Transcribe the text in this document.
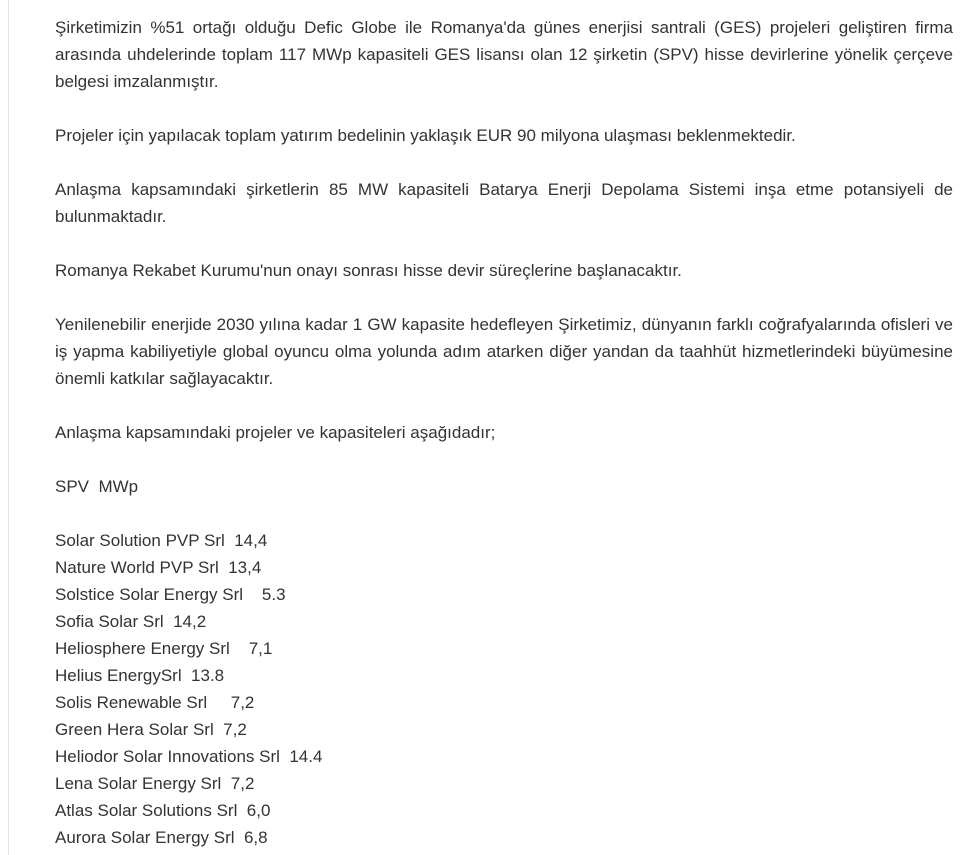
Şirketimizin %51 ortağı olduğu Defic Globe ile Romanya'da günes enerjisi santrali (GES) projeleri geliştiren firma arasında uhdelerinde toplam 117 MWp kapasiteli GES lisansı olan 12 şirketin (SPV) hisse devirlerine yönelik çerçeve belgesi imzalanmıştır.

Projeler için yapılacak toplam yatırım bedelinin yaklaşık EUR 90 milyona ulaşması beklenmektedir.

Anlaşma kapsamındaki şirketlerin 85 MW kapasiteli Batarya Enerji Depolama Sistemi inşa etme potansiyeli de bulunmaktadır.

Romanya Rekabet Kurumu'nun onayı sonrası hisse devir süreçlerine başlanacaktır.

Yenilenebilir enerjide 2030 yılına kadar 1 GW kapasite hedefleyen Şirketimiz, dünyanın farklı coğrafyalarında ofisleri ve iş yapma kabiliyetiyle global oyuncu olma yolunda adım atarken diğer yandan da taahhüt hizmetlerindeki büyümesine önemli katkılar sağlayacaktır.

Anlaşma kapsamındaki projeler ve kapasiteleri aşağıdadır;

SPV  MWp
Solar Solution PVP Srl  14,4
Nature World PVP Srl  13,4
Solstice Solar Energy Srl    5.3
Sofia Solar Srl  14,2
Heliosphere Energy Srl    7,1
Helius EnergySrl  13.8
Solis Renewable Srl     7,2
Green Hera Solar Srl  7,2
Heliodor Solar Innovations Srl  14.4
Lena Solar Energy Srl  7,2
Atlas Solar Solutions Srl  6,0
Aurora Solar Energy Srl  6,8
